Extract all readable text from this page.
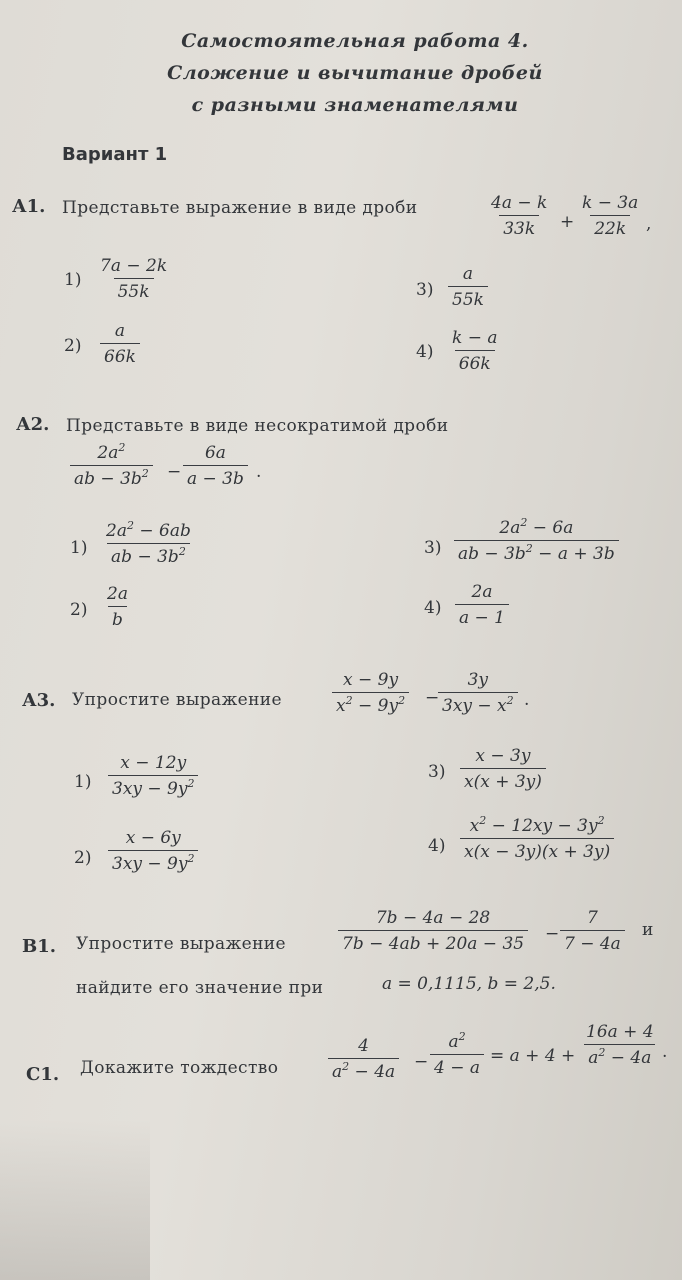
Самостоятельная работа 4.
Сложение и вычитание дробей
с разными знаменателями
Вариант 1
А1. Представьте выражение в виде дроби	$\frac{4a - k}{33k} + \frac{k - 3a}{22k}$ ,
$1) \frac{7a - 2k}{55k}$
$2) \frac{a}{66k}$
$3) \frac{a}{55k}$
$4) \frac{k - a}{66k}$
А2. Представьте в виде несократимой дроби
$\frac{2a^2}{ab - 3b^2} - \frac{6a}{a - 3b}$ .
$1) \frac{2a^2 - 6ab}{ab - 3b^2}$
$2) \frac{2a}{b}$
$3) \frac{2a^2 - 6a}{ab - 3b^2 - a + 3b}$
$4) \frac{2a}{a - 1}$
А3. Упростите выражение	$\frac{x - 9y}{x^2 - 9y^2}$ −
$\frac{3y}{3xy - x^2}$ .
$1) \frac{x - 12y}{3xy - 9y^2}$
$2) \frac{x - 6y}{3xy - 9y^2}$
$3) \frac{x - 3y}{x(x + 3y)}$
$4) \frac{x^2 - 12xy - 3y^2}{x(x - 3y)(x + 3y)}$
B1. Упростите выражение	$\frac{7b - 4a - 28}{7b - 4ab + 20a - 35} - \frac{7}{7 - 4a}$ и
найдите его значение при	a = 0,1115, b = 2,5.
C1. Докажите тождество	$\frac{4}{a^2 - 4a} - \frac{a^2}{4 - a} = a + 4 + \frac{16a + 4}{a^2 - 4a}$ .
